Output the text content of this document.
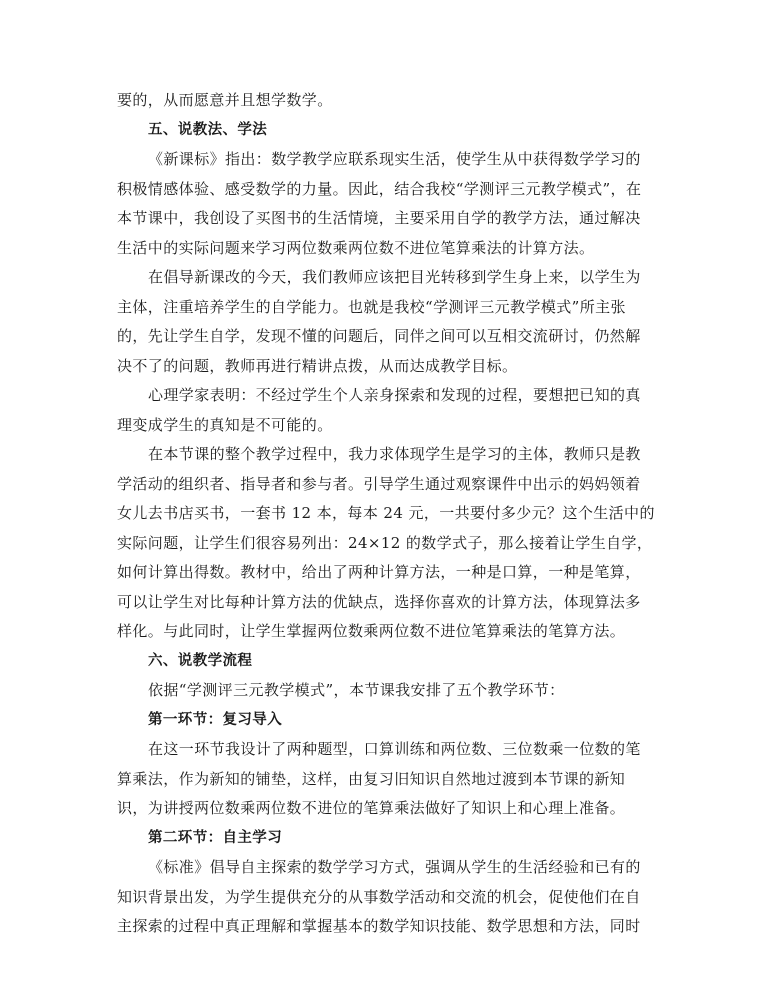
要的，从而愿意并且想学数学。
五、说教法、学法
《新课标》指出：数学教学应联系现实生活，使学生从中获得数学学习的
积极情感体验、感受数学的力量。因此，结合我校“学测评三元教学模式”，在
本节课中，我创设了买图书的生活情境，主要采用自学的教学方法，通过解决
生活中的实际问题来学习两位数乘两位数不进位笔算乘法的计算方法。
在倡导新课改的今天，我们教师应该把目光转移到学生身上来，以学生为
主体，注重培养学生的自学能力。也就是我校“学测评三元教学模式”所主张
的，先让学生自学，发现不懂的问题后，同伴之间可以互相交流研讨，仍然解
决不了的问题，教师再进行精讲点拨，从而达成教学目标。
心理学家表明：不经过学生个人亲身探索和发现的过程，要想把已知的真
理变成学生的真知是不可能的。
在本节课的整个教学过程中，我力求体现学生是学习的主体，教师只是教
学活动的组织者、指导者和参与者。引导学生通过观察课件中出示的妈妈领着
女儿去书店买书，一套书 12 本，每本 24 元，一共要付多少元？这个生活中的
实际问题，让学生们很容易列出：24×12 的数学式子，那么接着让学生自学，
如何计算出得数。教材中，给出了两种计算方法，一种是口算，一种是笔算，
可以让学生对比每种计算方法的优缺点，选择你喜欢的计算方法，体现算法多
样化。与此同时，让学生掌握两位数乘两位数不进位笔算乘法的笔算方法。
六、说教学流程
依据“学测评三元教学模式”，本节课我安排了五个教学环节：
第一环节：复习导入
在这一环节我设计了两种题型，口算训练和两位数、三位数乘一位数的笔
算乘法，作为新知的铺垫，这样，由复习旧知识自然地过渡到本节课的新知
识，为讲授两位数乘两位数不进位的笔算乘法做好了知识上和心理上准备。
第二环节：自主学习
《标准》倡导自主探索的数学学习方式，强调从学生的生活经验和已有的
知识背景出发，为学生提供充分的从事数学活动和交流的机会，促使他们在自
主探索的过程中真正理解和掌握基本的数学知识技能、数学思想和方法，同时
